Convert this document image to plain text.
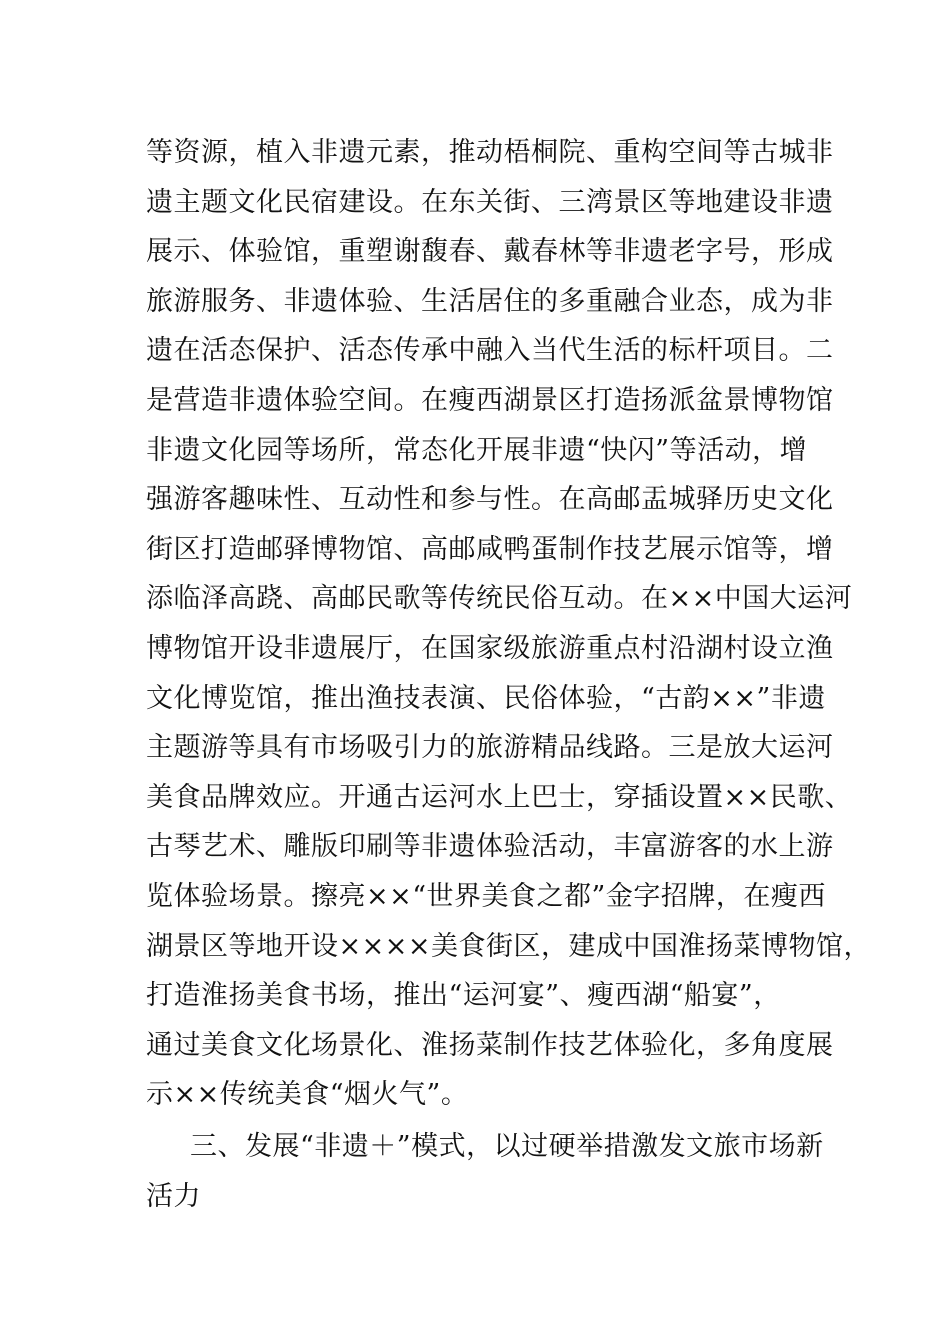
等资源，植入非遗元素，推动梧桐院、重构空间等古城非
遗主题文化民宿建设。在东关街、三湾景区等地建设非遗
展示、体验馆，重塑谢馥春、戴春林等非遗老字号，形成
旅游服务、非遗体验、生活居住的多重融合业态，成为非
遗在活态保护、活态传承中融入当代生活的标杆项目。二
是营造非遗体验空间。在瘦西湖景区打造扬派盆景博物馆
非遗文化园等场所，常态化开展非遗“快闪”等活动，增
强游客趣味性、互动性和参与性。在高邮盂城驿历史文化
街区打造邮驿博物馆、高邮咸鸭蛋制作技艺展示馆等，增
添临泽高跷、高邮民歌等传统民俗互动。在××中国大运河
博物馆开设非遗展厅，在国家级旅游重点村沿湖村设立渔
文化博览馆，推出渔技表演、民俗体验，“古韵××”非遗
主题游等具有市场吸引力的旅游精品线路。三是放大运河
美食品牌效应。开通古运河水上巴士，穿插设置××民歌、
古琴艺术、雕版印刷等非遗体验活动，丰富游客的水上游
览体验场景。擦亮××“世界美食之都”金字招牌，在瘦西
湖景区等地开设××××美食街区，建成中国淮扬菜博物馆，
打造淮扬美食书场，推出“运河宴”、瘦西湖“船宴”，
通过美食文化场景化、淮扬菜制作技艺体验化，多角度展
示××传统美食“烟火气”。
三、发展“非遗＋”模式，以过硬举措激发文旅市场新
活力
